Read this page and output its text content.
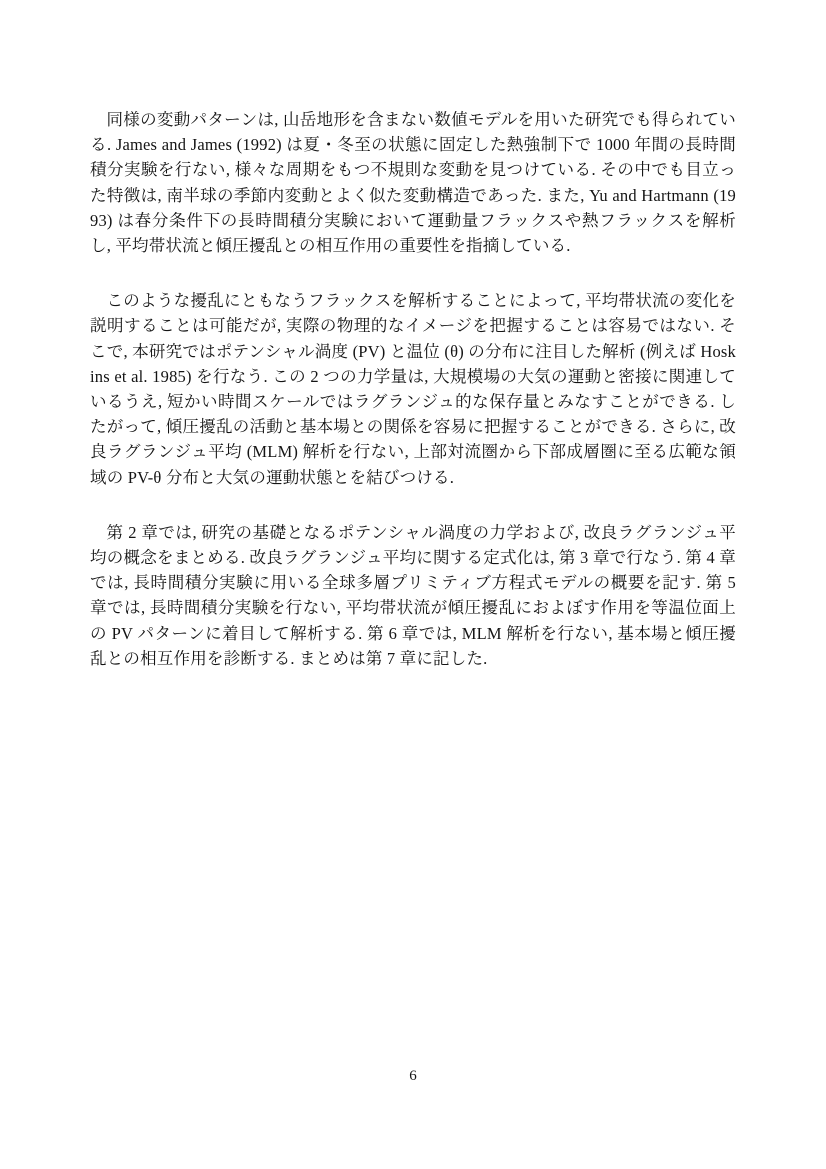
同様の変動パターンは, 山岳地形を含まない数値モデルを用いた研究でも得られている. James and James (1992) は夏・冬至の状態に固定した熱強制下で 1000 年間の長時間積分実験を行ない, 様々な周期をもつ不規則な変動を見つけている. その中でも目立った特徴は, 南半球の季節内変動とよく似た変動構造であった. また, Yu and Hartmann (1993) は春分条件下の長時間積分実験において運動量フラックスや熱フラックスを解析し, 平均帯状流と傾圧擾乱との相互作用の重要性を指摘している.

このような擾乱にともなうフラックスを解析することによって, 平均帯状流の変化を説明することは可能だが, 実際の物理的なイメージを把握することは容易ではない. そこで, 本研究ではポテンシャル渦度 (PV) と温位 (θ) の分布に注目した解析 (例えば Hoskins et al. 1985) を行なう. この 2 つの力学量は, 大規模場の大気の運動と密接に関連しているうえ, 短かい時間スケールではラグランジュ的な保存量とみなすことができる. したがって, 傾圧擾乱の活動と基本場との関係を容易に把握することができる. さらに, 改良ラグランジュ平均 (MLM) 解析を行ない, 上部対流圏から下部成層圏に至る広範な領域の PV-θ 分布と大気の運動状態とを結びつける.

第 2 章では, 研究の基礎となるポテンシャル渦度の力学および, 改良ラグランジュ平均の概念をまとめる. 改良ラグランジュ平均に関する定式化は, 第 3 章で行なう. 第 4 章では, 長時間積分実験に用いる全球多層プリミティブ方程式モデルの概要を記す. 第 5 章では, 長時間積分実験を行ない, 平均帯状流が傾圧擾乱におよぼす作用を等温位面上の PV パターンに着目して解析する. 第 6 章では, MLM 解析を行ない, 基本場と傾圧擾乱との相互作用を診断する. まとめは第 7 章に記した.

6
